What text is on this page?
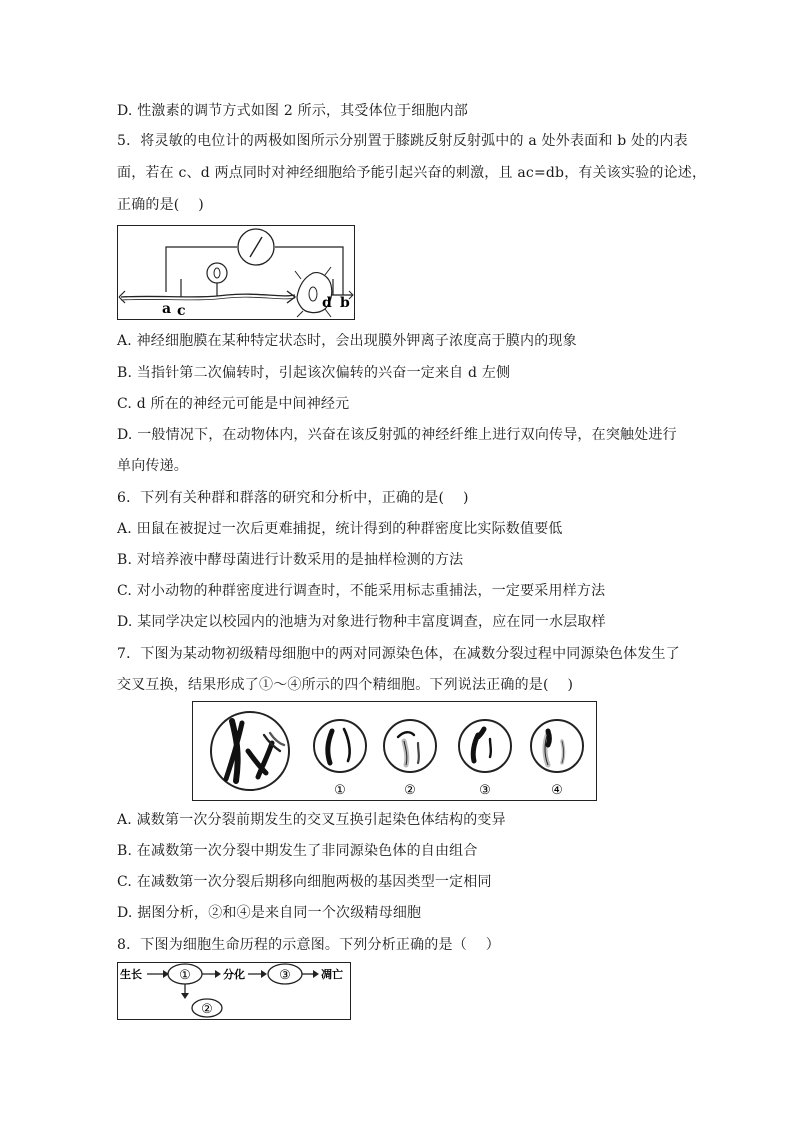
D. 性激素的调节方式如图 2 所示，其受体位于细胞内部
5．将灵敏的电位计的两极如图所示分别置于膝跳反射反射弧中的 a 处外表面和 b 处的内表
面，若在 c、d 两点同时对神经细胞给予能引起兴奋的刺激，且 ac=db，有关该实验的论述，
正确的是(　 )
a c	d b
A. 神经细胞膜在某种特定状态时，会出现膜外钾离子浓度高于膜内的现象
B. 当指针第二次偏转时，引起该次偏转的兴奋一定来自 d 左侧
C. d 所在的神经元可能是中间神经元
D. 一般情况下，在动物体内，兴奋在该反射弧的神经纤维上进行双向传导，在突触处进行
单向传递。
6．下列有关种群和群落的研究和分析中，正确的是(　 )
A. 田鼠在被捉过一次后更难捕捉，统计得到的种群密度比实际数值要低
B. 对培养液中酵母菌进行计数采用的是抽样检测的方法
C. 对小动物的种群密度进行调查时，不能采用标志重捕法，一定要采用样方法
D. 某同学决定以校园内的池塘为对象进行物种丰富度调查，应在同一水层取样
7．下图为某动物初级精母细胞中的两对同源染色体，在减数分裂过程中同源染色体发生了
交叉互换，结果形成了①～④所示的四个精细胞。下列说法正确的是(　 )
①	②	③	④
A. 减数第一次分裂前期发生的交叉互换引起染色体结构的变异
B. 在减数第一次分裂中期发生了非同源染色体的自由组合
C. 在减数第一次分裂后期移向细胞两极的基因类型一定相同
D. 据图分析，②和④是来自同一个次级精母细胞
8．下图为细胞生命历程的示意图。下列分析正确的是（　 ）
生长	①	分化	③	凋亡
②
